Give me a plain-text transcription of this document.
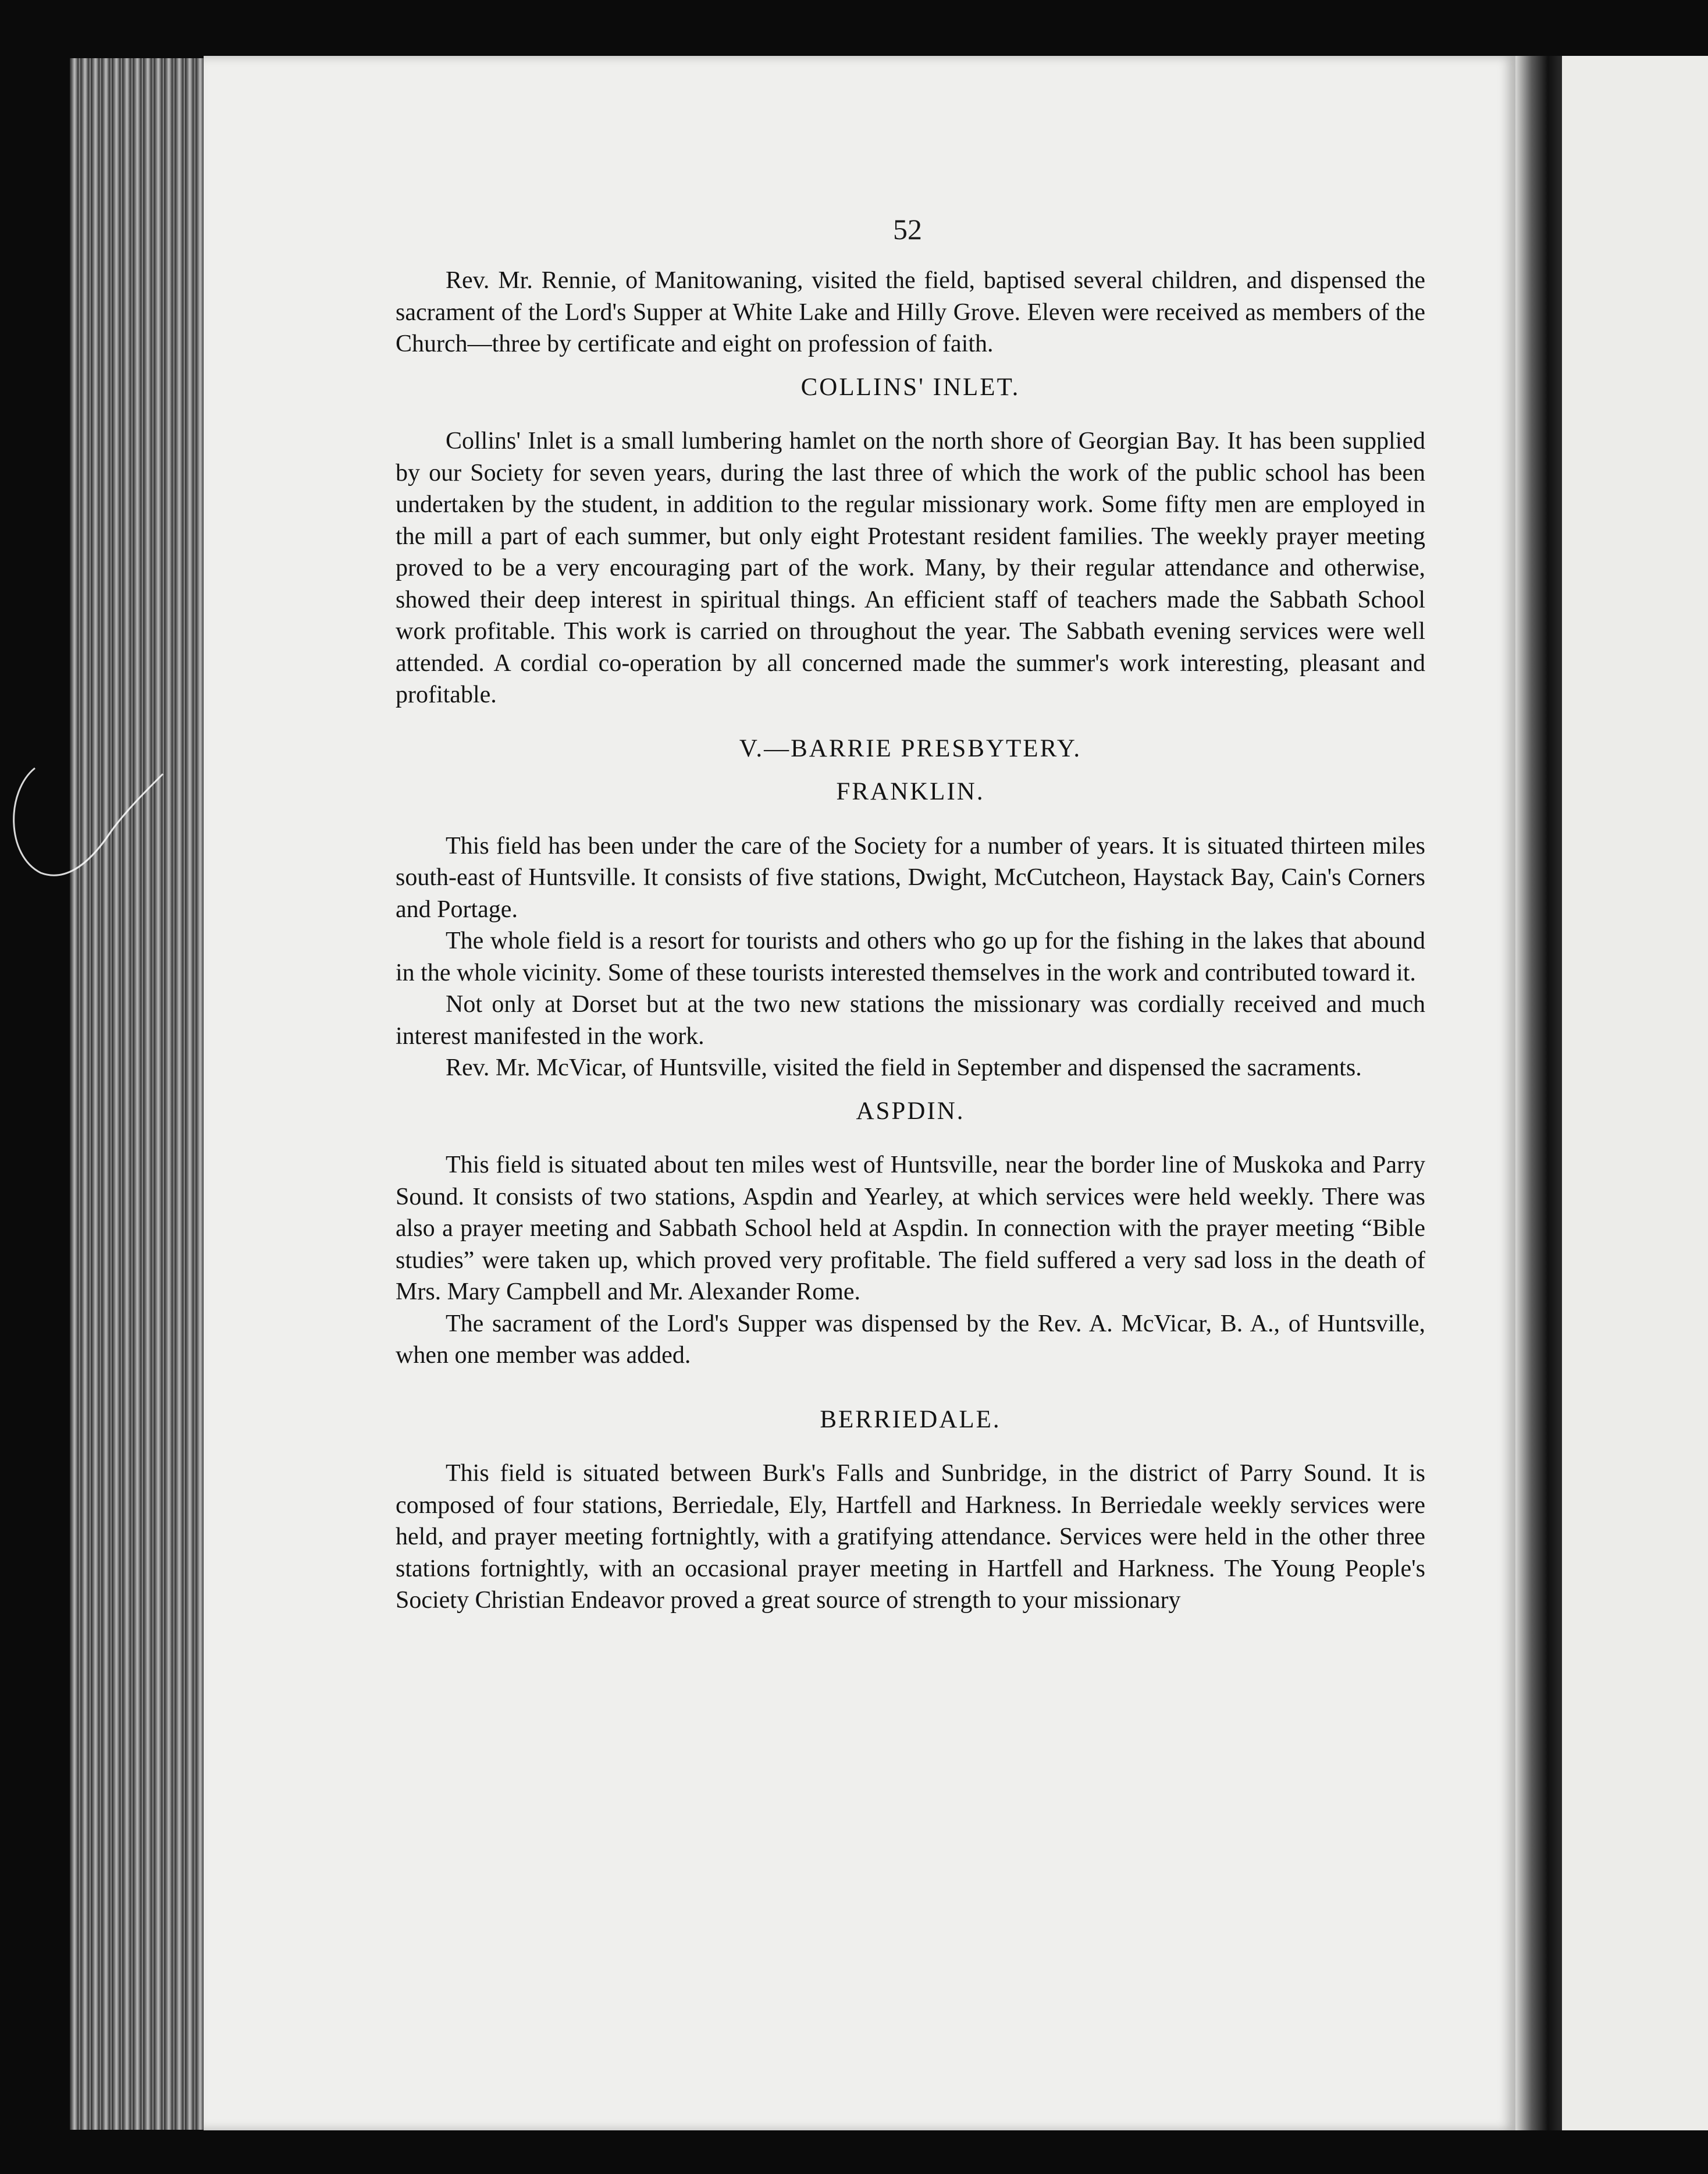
52

Rev. Mr. Rennie, of Manitowaning, visited the field, baptised several children, and dispensed the sacrament of the Lord's Supper at White Lake and Hilly Grove. Eleven were received as members of the Church—three by certificate and eight on profession of faith.

COLLINS' INLET.

Collins' Inlet is a small lumbering hamlet on the north shore of Georgian Bay. It has been supplied by our Society for seven years, during the last three of which the work of the public school has been undertaken by the student, in addition to the regular missionary work. Some fifty men are employed in the mill a part of each summer, but only eight Protestant resident families. The weekly prayer meeting proved to be a very encouraging part of the work. Many, by their regular attendance and otherwise, showed their deep interest in spiritual things. An efficient staff of teachers made the Sabbath School work profitable. This work is carried on throughout the year. The Sabbath evening services were well attended. A cordial co-operation by all concerned made the summer's work interesting, pleasant and profitable.

V.—BARRIE PRESBYTERY.
FRANKLIN.

This field has been under the care of the Society for a number of years. It is situated thirteen miles south-east of Huntsville. It consists of five stations, Dwight, McCutcheon, Haystack Bay, Cain's Corners and Portage.

The whole field is a resort for tourists and others who go up for the fishing in the lakes that abound in the whole vicinity. Some of these tourists interested themselves in the work and contributed toward it.

Not only at Dorset but at the two new stations the missionary was cordially received and much interest manifested in the work.

Rev. Mr. McVicar, of Huntsville, visited the field in September and dispensed the sacraments.

ASPDIN.

This field is situated about ten miles west of Huntsville, near the border line of Muskoka and Parry Sound. It consists of two stations, Aspdin and Yearley, at which services were held weekly. There was also a prayer meeting and Sabbath School held at Aspdin. In connection with the prayer meeting “Bible studies” were taken up, which proved very profitable. The field suffered a very sad loss in the death of Mrs. Mary Campbell and Mr. Alexander Rome.

The sacrament of the Lord's Supper was dispensed by the Rev. A. McVicar, B. A., of Huntsville, when one member was added.

BERRIEDALE.

This field is situated between Burk's Falls and Sunbridge, in the district of Parry Sound. It is composed of four stations, Berriedale, Ely, Hartfell and Harkness. In Berriedale weekly services were held, and prayer meeting fortnightly, with a gratifying attendance. Services were held in the other three stations fortnightly, with an occasional prayer meeting in Hartfell and Harkness. The Young People's Society Christian Endeavor proved a great source of strength to your missionary
